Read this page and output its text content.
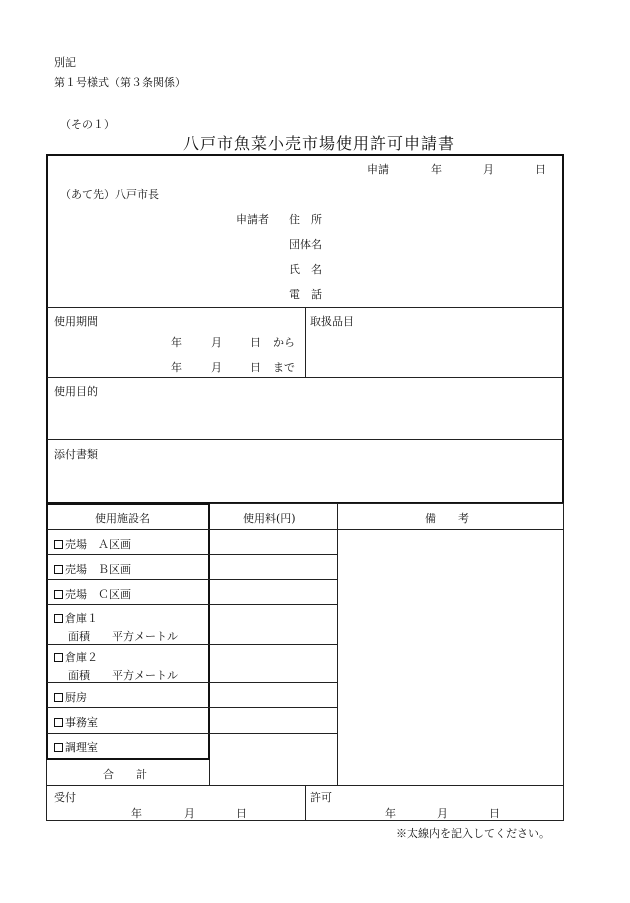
別記
第１号様式（第３条関係）
（その１）
八戸市魚菜小売市場使用許可申請書
申請	年	月	日
（あて先）八戸市長
申請者 住　所
団体名
氏　名
電　話
使用期間
年	月	日 から
年	月	日 まで
取扱品目
使用目的
添付書類
使用施設名	使用料(円)	備　　考
売場　Ａ区画
売場　Ｂ区画
売場　Ｃ区画
倉庫１
面積　　平方メートル
倉庫２
面積　　平方メートル
厨房
事務室
調理室
合　　計
受付
年	月	日
許可
年	月	日
※太線内を記入してください。
